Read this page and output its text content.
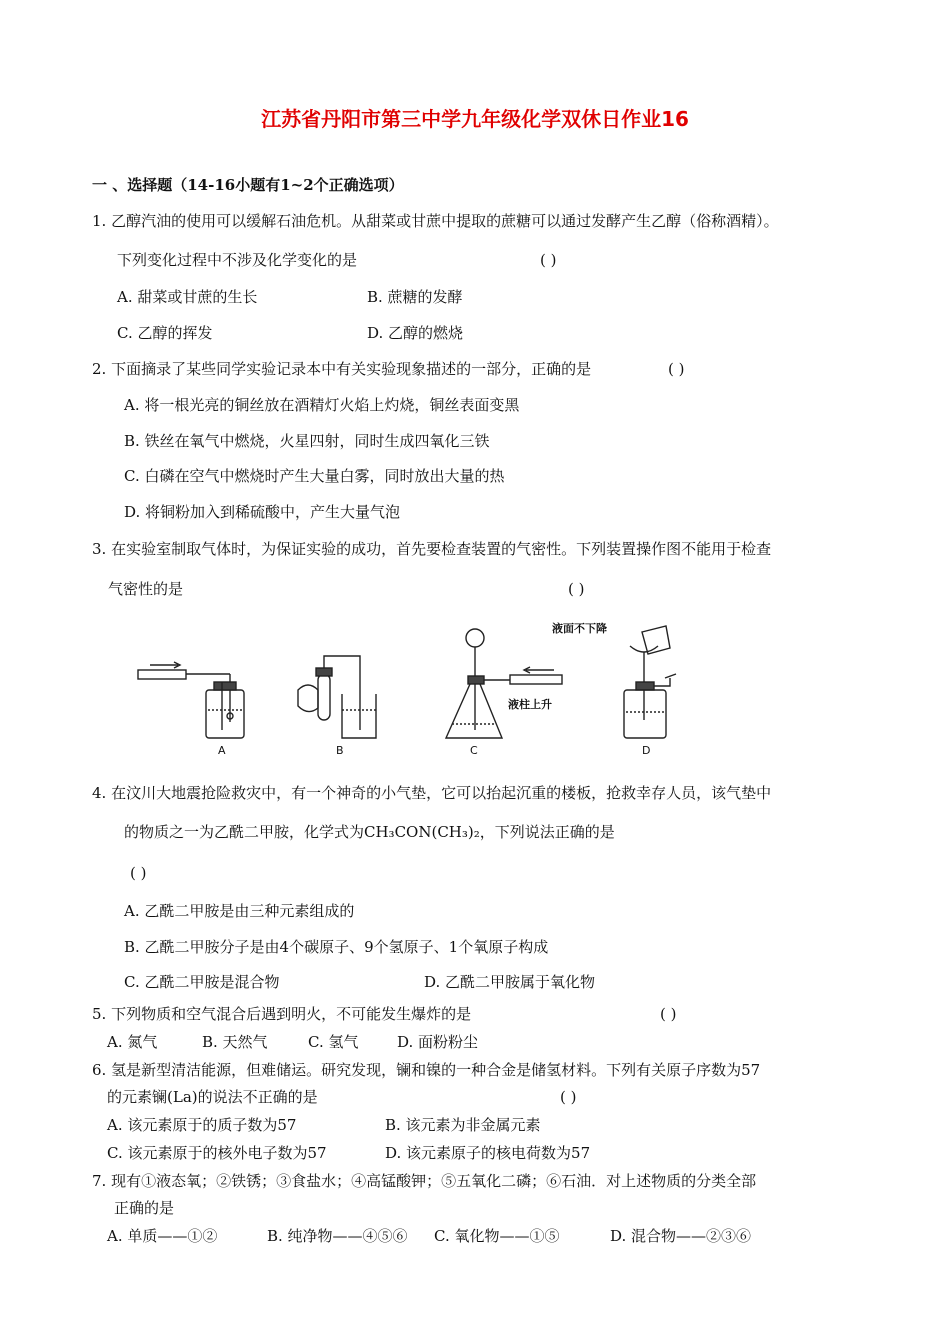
江苏省丹阳市第三中学九年级化学双休日作业16
一 、选择题（14-16小题有1~2个正确选项）
1. 乙醇汽油的使用可以缓解石油危机。从甜菜或甘蔗中提取的蔗糖可以通过发酵产生乙醇（俗称酒精）。
下列变化过程中不涉及化学变化的是	( )
A. 甜菜或甘蔗的生长	B. 蔗糖的发酵
C. 乙醇的挥发	D. 乙醇的燃烧
2. 下面摘录了某些同学实验记录本中有关实验现象描述的一部分，正确的是	( )
A. 将一根光亮的铜丝放在酒精灯火焰上灼烧，铜丝表面变黑
B. 铁丝在氧气中燃烧，火星四射，同时生成四氧化三铁
C. 白磷在空气中燃烧时产生大量白雾，同时放出大量的热
D. 将铜粉加入到稀硫酸中，产生大量气泡
3. 在实验室制取气体时，为保证实验的成功，首先要检查装置的气密性。下列装置操作图不能用于检查
气密性的是	( )
A	B	C	D
液柱上升
液面不下降
4. 在汶川大地震抢险救灾中，有一个神奇的小气垫，它可以抬起沉重的楼板，抢救幸存人员，该气垫中
的物质之一为乙酰二甲胺，化学式为CH₃CON(CH₃)₂，下列说法正确的是
( )
A. 乙酰二甲胺是由三种元素组成的
B. 乙酰二甲胺分子是由4个碳原子、9个氢原子、1个氧原子构成
C. 乙酰二甲胺是混合物	D. 乙酰二甲胺属于氧化物
5. 下列物质和空气混合后遇到明火，不可能发生爆炸的是	( )
A. 氮气	B. 天然气	C. 氢气	D. 面粉粉尘
6. 氢是新型清洁能源，但难储运。研究发现，镧和镍的一种合金是储氢材料。下列有关原子序数为57
的元素镧(La)的说法不正确的是	( )
A. 该元素原于的质子数为57	B. 该元素为非金属元素
C. 该元素原于的核外电子数为57	D. 该元素原子的核电荷数为57
7. 现有①液态氧；②铁锈；③食盐水；④高锰酸钾；⑤五氧化二磷；⑥石油．对上述物质的分类全部
正确的是
A. 单质——①②	B. 纯净物——④⑤⑥ C. 氧化物——①⑤	D. 混合物——②③⑥
